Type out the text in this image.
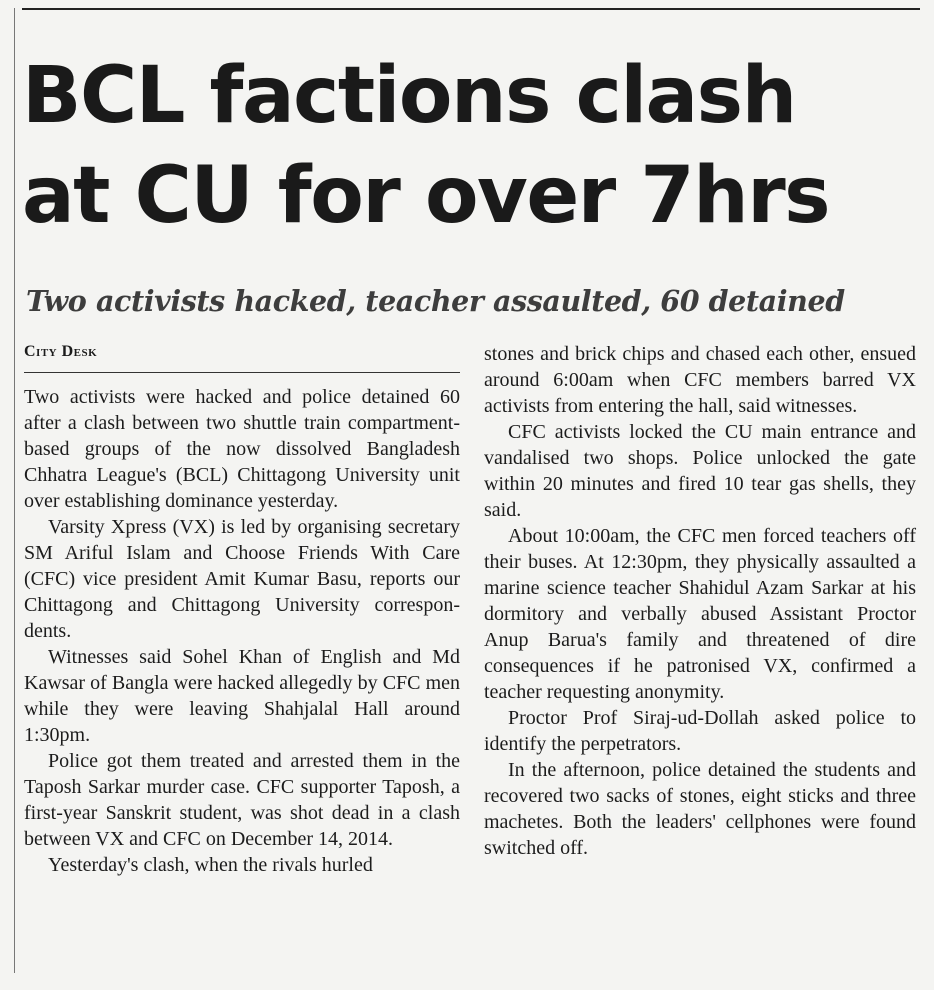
BCL factions clash
at CU for over 7hrs
Two activists hacked, teacher assaulted, 60 detained
City Desk

Two activists were hacked and police detained 60 after a clash between two shuttle train compartment-based groups of the now dissolved Bangladesh Chhatra League's (BCL) Chittagong University unit over establishing dominance yesterday.

Varsity Xpress (VX) is led by organising secretary SM Ariful Islam and Choose Friends With Care (CFC) vice president Amit Kumar Basu, reports our Chittagong and Chittagong University correspondents.

Witnesses said Sohel Khan of English and Md Kawsar of Bangla were hacked allegedly by CFC men while they were leaving Shahjalal Hall around 1:30pm.

Police got them treated and arrested them in the Taposh Sarkar murder case. CFC supporter Taposh, a first-year Sanskrit student, was shot dead in a clash between VX and CFC on December 14, 2014.

Yesterday's clash, when the rivals hurled

stones and brick chips and chased each other, ensued around 6:00am when CFC members barred VX activists from entering the hall, said witnesses.

CFC activists locked the CU main entrance and vandalised two shops. Police unlocked the gate within 20 minutes and fired 10 tear gas shells, they said.

About 10:00am, the CFC men forced teachers off their buses. At 12:30pm, they physically assaulted a marine science teacher Shahidul Azam Sarkar at his dormitory and verbally abused Assistant Proctor Anup Barua's family and threatened of dire consequences if he patronised VX, confirmed a teacher requesting anonymity.

Proctor Prof Siraj-ud-Dollah asked police to identify the perpetrators.

In the afternoon, police detained the students and recovered two sacks of stones, eight sticks and three machetes. Both the leaders' cellphones were found switched off.
